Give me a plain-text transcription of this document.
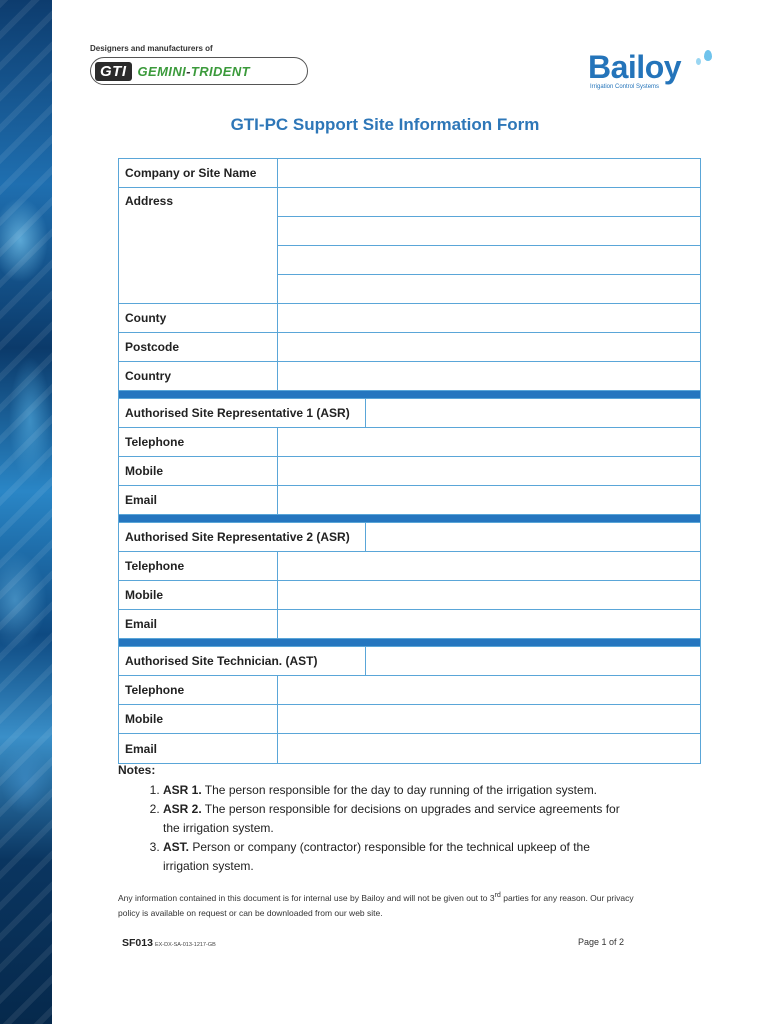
Designers and manufacturers of
GTI GEMINI-TRIDENT	Bailoy
Irrigation Control Systems
GTI-PC Support Site Information Form
Company or Site Name
Address
County
Postcode
Country
Authorised Site Representative 1 (ASR)
Telephone
Mobile
Email
Authorised Site Representative 2 (ASR)
Telephone
Mobile
Email
Authorised Site Technician. (AST)
Telephone
Mobile
Email
Notes:
1. ASR 1. The person responsible for the day to day running of the irrigation system.
2. ASR 2. The person responsible for decisions on upgrades and service agreements for the irrigation system.
3. AST. Person or company (contractor) responsible for the technical upkeep of the irrigation system.
Any information contained in this document is for internal use by Bailoy and will not be given out to 3rd parties for any reason. Our privacy policy is available on request or can be downloaded from our web site.
SF013 EX-DX-SA-013-1217-GB	Page 1 of 2
